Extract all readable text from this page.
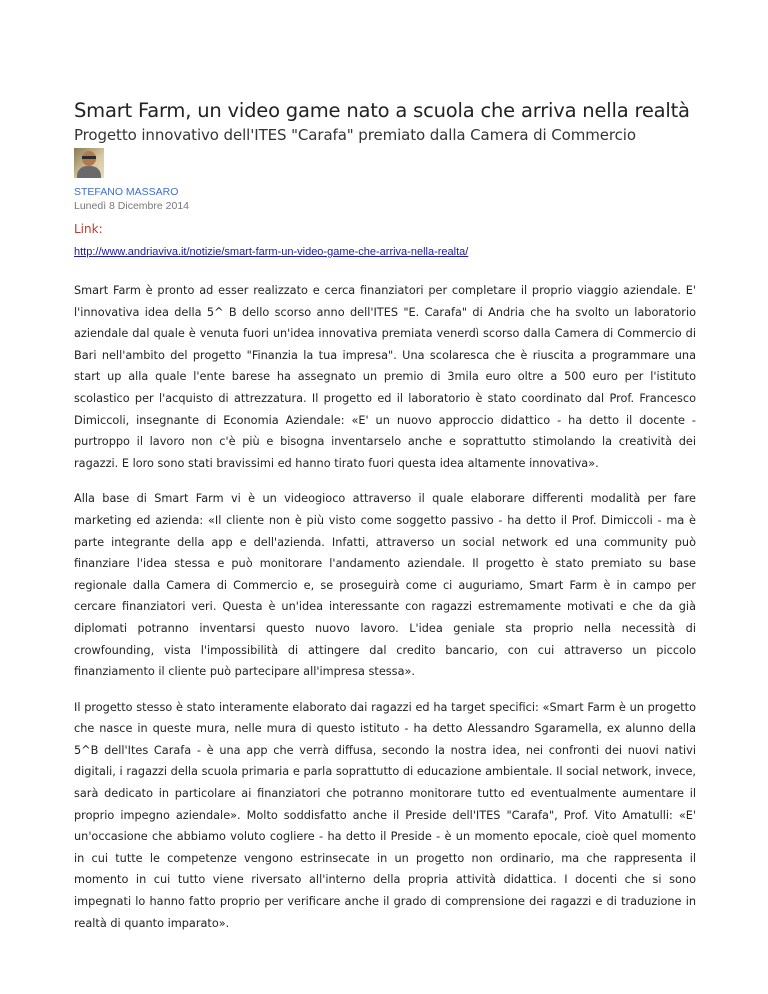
Smart Farm, un video game nato a scuola che arriva nella realtà
Progetto innovativo dell'ITES "Carafa" premiato dalla Camera di Commercio
STEFANO MASSARO
Lunedì 8 Dicembre 2014
Link:
http://www.andriaviva.it/notizie/smart-farm-un-video-game-che-arriva-nella-realta/

Smart Farm è pronto ad esser realizzato e cerca finanziatori per completare il proprio viaggio aziendale. E' l'innovativa idea della 5^ B dello scorso anno dell'ITES "E. Carafa" di Andria che ha svolto un laboratorio aziendale dal quale è venuta fuori un'idea innovativa premiata venerdì scorso dalla Camera di Commercio di Bari nell'ambito del progetto "Finanzia la tua impresa". Una scolaresca che è riuscita a programmare una start up alla quale l'ente barese ha assegnato un premio di 3mila euro oltre a 500 euro per l'istituto scolastico per l'acquisto di attrezzatura. Il progetto ed il laboratorio è stato coordinato dal Prof. Francesco Dimiccoli, insegnante di Economia Aziendale: «E' un nuovo approccio didattico - ha detto il docente - purtroppo il lavoro non c'è più e bisogna inventarselo anche e soprattutto stimolando la creatività dei ragazzi. E loro sono stati bravissimi ed hanno tirato fuori questa idea altamente innovativa».

Alla base di Smart Farm vi è un videogioco attraverso il quale elaborare differenti modalità per fare marketing ed azienda: «Il cliente non è più visto come soggetto passivo - ha detto il Prof. Dimiccoli - ma è parte integrante della app e dell'azienda. Infatti, attraverso un social network ed una community può finanziare l'idea stessa e può monitorare l'andamento aziendale. Il progetto è stato premiato su base regionale dalla Camera di Commercio e, se proseguirà come ci auguriamo, Smart Farm è in campo per cercare finanziatori veri. Questa è un'idea interessante con ragazzi estremamente motivati e che da già diplomati potranno inventarsi questo nuovo lavoro. L'idea geniale sta proprio nella necessità di crowfounding, vista l'impossibilità di attingere dal credito bancario, con cui attraverso un piccolo finanziamento il cliente può partecipare all'impresa stessa».

Il progetto stesso è stato interamente elaborato dai ragazzi ed ha target specifici: «Smart Farm è un progetto che nasce in queste mura, nelle mura di questo istituto - ha detto Alessandro Sgaramella, ex alunno della 5^B dell'Ites Carafa - è una app che verrà diffusa, secondo la nostra idea, nei confronti dei nuovi nativi digitali, i ragazzi della scuola primaria e parla soprattutto di educazione ambientale. Il social network, invece, sarà dedicato in particolare ai finanziatori che potranno monitorare tutto ed eventualmente aumentare il proprio impegno aziendale». Molto soddisfatto anche il Preside dell'ITES "Carafa", Prof. Vito Amatulli: «E' un'occasione che abbiamo voluto cogliere - ha detto il Preside - è un momento epocale, cioè quel momento in cui tutte le competenze vengono estrinsecate in un progetto non ordinario, ma che rappresenta il momento in cui tutto viene riversato all'interno della propria attività didattica. I docenti che si sono impegnati lo hanno fatto proprio per verificare anche il grado di comprensione dei ragazzi e di traduzione in realtà di quanto imparato».
